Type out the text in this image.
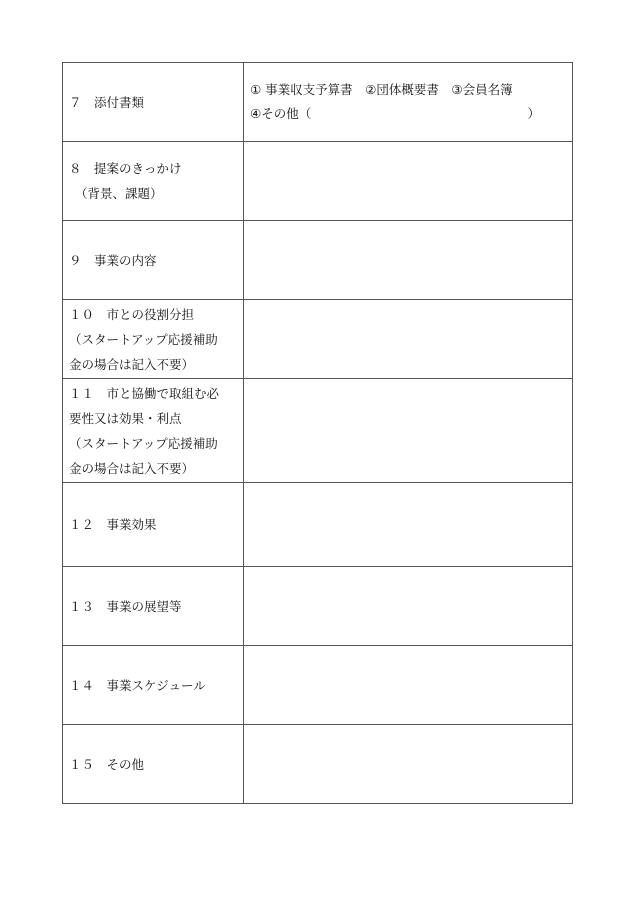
７　添付書類	① 事業収支予算書　②団体概要書　③会員名簿
④その他（ ）

８　提案のきっかけ
（背景、課題）	

９　事業の内容	

１０　市との役割分担
（スタートアップ応援補助
金の場合は記入不要）	

１１　市と協働で取組む必
要性又は効果・利点
（スタートアップ応援補助
金の場合は記入不要）	

１２　事業効果	

１３　事業の展望等	

１４　事業スケジュール	

１５　その他	
